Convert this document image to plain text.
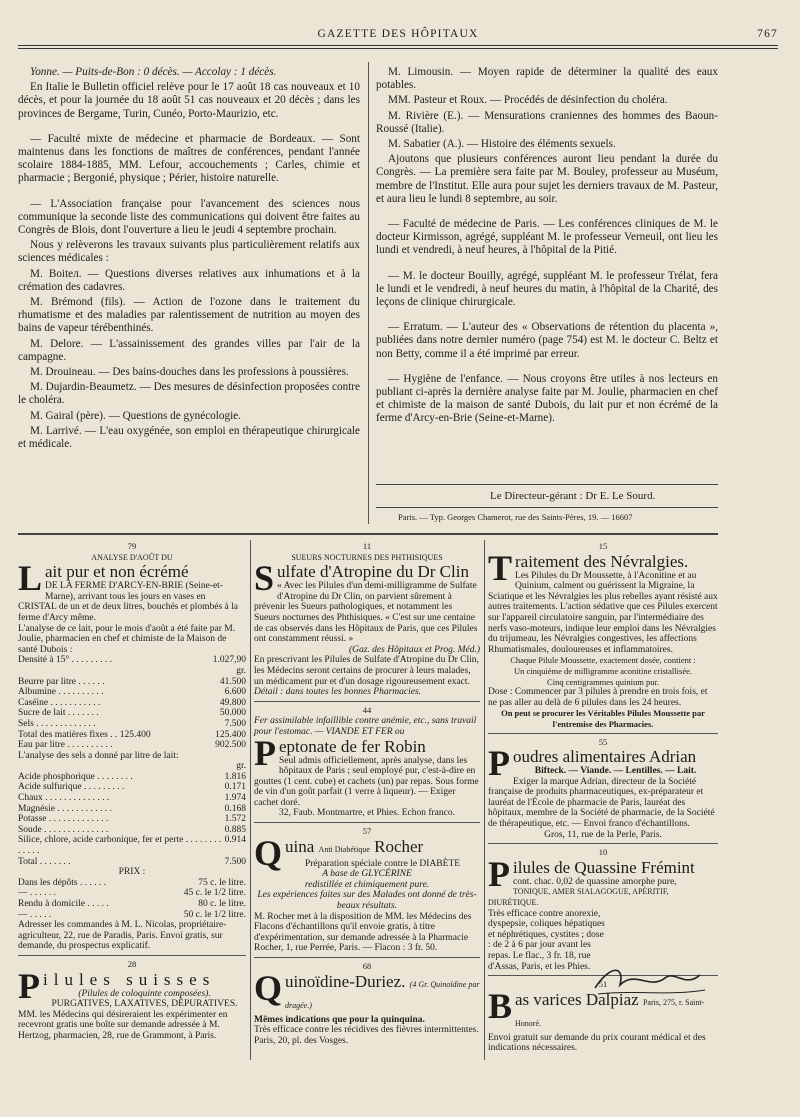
GAZETTE DES HÔPITAUX	767

Yonne. — Puits-de-Bon : 0 décès. — Accolay : 1 décès.

En Italie le Bulletin officiel relève pour le 17 août 18 cas nouveaux et 10 décès, et pour la journée du 18 août 51 cas nouveaux et 20 décès ; dans les provinces de Bergame, Turin, Cunéo, Porto-Maurizio, etc.

— Faculté mixte de médecine et pharmacie de Bordeaux. — Sont maintenus dans les fonctions de maîtres de conférences, pendant l'année scolaire 1884-1885, MM. Lefour, accouchements ; Carles, chimie et pharmacie ; Bergonié, physique ; Périer, histoire naturelle.

— L'Association française pour l'avancement des sciences nous communique la seconde liste des communications qui doivent être faites au Congrès de Blois, dont l'ouverture a lieu le jeudi 4 septembre prochain.

Nous y relèverons les travaux suivants plus particulièrement relatifs aux sciences médicales :

M. Boiteл. — Questions diverses relatives aux inhumations et à la crémation des cadavres.

M. Brémond (fils). — Action de l'ozone dans le traitement du rhumatisme et des maladies par ralentissement de nutrition au moyen des bains de vapeur térébenthinés.

M. Delore. — L'assainissement des grandes villes par l'air de la campagne.

M. Drouineau. — Des bains-douches dans les professions à poussières.

M. Dujardin-Beaumetz. — Des mesures de désinfection proposées contre le choléra.

M. Gairal (père). — Questions de gynécologie.

M. Larrivé. — L'eau oxygénée, son emploi en thérapeutique chirurgicale et médicale.

M. Limousin. — Moyen rapide de déterminer la qualité des eaux potables.

MM. Pasteur et Roux. — Procédés de désinfection du choléra.

M. Rivière (E.). — Mensurations craniennes des hommes des Baoun-Roussé (Italie).

M. Sabatier (A.). — Histoire des éléments sexuels.

Ajoutons que plusieurs conférences auront lieu pendant la durée du Congrès. — La première sera faite par M. Bouley, professeur au Muséum, membre de l'Institut. Elle aura pour sujet les derniers travaux de M. Pasteur, et aura lieu le lundi 8 septembre, au soir.

— Faculté de médecine de Paris. — Les conférences cliniques de M. le docteur Kirmisson, agrégé, suppléant M. le professeur Verneuil, ont lieu les lundi et vendredi, à neuf heures, à l'hôpital de la Pitié.

— M. le docteur Bouilly, agrégé, suppléant M. le professeur Trélat, fera le lundi et le vendredi, à neuf heures du matin, à l'hôpital de la Charité, des leçons de clinique chirurgicale.

— Erratum. — L'auteur des « Observations de rétention du placenta », publiées dans notre dernier numéro (page 754) est M. le docteur C. Beltz et non Betty, comme il a été imprimé par erreur.

— Hygiène de l'enfance. — Nous croyons être utiles à nos lecteurs en publiant ci-après la dernière analyse faite par M. Joulie, pharmacien en chef et chimiste de la maison de santé Dubois, du lait pur et non écrémé de la ferme d'Arcy-en-Brie (Seine-et-Marne).

Le Directeur-gérant : Dr E. Le Sourd.
Paris. — Typ. Georges Chamerot, rue des Saints-Pères, 19. — 16607
79
ANALYSE D'AOÛT DU
L ait pur et non écrémé
DE LA FERME D'ARCY-EN-BRIE (Seine-et-Marne), arrivant tous les jours en vases en CRISTAL de un et de deux litres, bouchés et plombés à la ferme d'Arcy même.
L'analyse de ce lait, pour le mois d'août a été faite par M. Joulie, pharmacien en chef et chimiste de la Maison de santé Dubois :
Densité à 15° . . . . . . . . .	1.027,90
gr.
Beurre par litre . . . . . .	41.500
Albumine . . . . . . . . . .	6.600
Caséine . . . . . . . . . . .	49.800
Sucre de lait . . . . . . .	50.000
Sels . . . . . . . . . . . . .	7.500
Total des matières fixes . . 125.400	125.400
Eau par litre . . . . . . . . . .	902.500
L'analyse des sels a donné par litre de lait:
gr.
Acide phosphorique . . . . . . . .	1.816
Acide sulfurique . . . . . . . . .	0.171
Chaux . . . . . . . . . . . . . .	1.974
Magnésie . . . . . . . . . . . .	0.168
Potasse . . . . . . . . . . . . .	1.572
Soude . . . . . . . . . . . . . .	0.885
Silice, chlore, acide carbonique, fer et perte . . . . . . . . . . . . .
0.914
Total . . . . . . .	7.500
PRIX :
Dans les dépôts . . . . . .	75 c. le litre.
— . . . . . .	45 c. le 1/2 litre.
Rendu à domicile . . . . .	80 c. le litre.
— . . . . .	50 c. le 1/2 litre.
Adresser les commandes à M. L. Nicolas, propriétaire-agriculteur, 22, rue de Paradis, Paris. Envoi gratis, sur demande, du prospectus explicatif.
28
P ilules suisses
(Pilules de coloquinte composées).
PURGATIVES, LAXATIVES, DÉPURATIVES.
MM. les Médecins qui désireraient les expérimenter en recevront gratis une boîte sur demande adressée à M. Hertzog, pharmacien, 28, rue de Grammont, à Paris.
11
SUEURS NOCTURNES DES PHTHISIQUES
S ulfate d'Atropine du Dr Clin
« Avec les Pilules d'un demi-milligramme de Sulfate d'Atropine du Dr Clin, on parvient sûrement à prévenir les Sueurs pathologiques, et notamment les Sueurs nocturnes des Phthisiques. « C'est sur une centaine de cas observés dans les Hôpitaux de Paris, que ces Pilules ont constamment réussi. »
(Gaz. des Hôpitaux et Prog. Méd.)
En prescrivant les Pilules de Sulfate d'Atropine du Dr Clin, les Médecins seront certains de procurer à leurs malades, un médicament pur et d'un dosage rigoureusement exact.
Détail : dans toutes les bonnes Pharmacies.
44
Fer assimilable infaillible contre anémie, etc., sans travail pour l'estomac. — VIANDE ET FER ou
P eptonate de fer Robin
Seul admis officiellement, après analyse, dans les hôpitaux de Paris ; seul employé pur, c'est-à-dire en gouttes (1 cent. cube) et cachets (un) par repas. Sous forme de vin d'un goût parfait (1 verre à liqueur). — Exiger cachet doré.
32, Faub. Montmartre, et Phies. Echon franco.
57
Q uina Anti Diabétique Rocher
Préparation spéciale contre le DIABÈTE
A base de GLYCÉRINE
redistillée et chimiquement pure.
Les expériences faites sur des Malades ont donné de très-beaux résultats.
M. Rocher met à la disposition de MM. les Médecins des Flacons d'échantillons qu'il envoie gratis, à titre d'expérimentation, sur demande adressée à la Pharmacie Rocher, 1, rue Perrée, Paris. — Flacon : 3 fr. 50.
68
Q uinoïdine-Duriez. (4 Gr. Quinoïdine par dragée.)
Mêmes indications que pour la quinquina.
Très efficace contre les récidives des fièvres intermittentes. Paris, 20, pl. des Vosges.
15
T raitement des Névralgies.
Les Pilules du Dr Moussette, à l'Aconitine et au Quinium, calment ou guérissent la Migraine, la Sciatique et les Névralgies les plus rebelles ayant résisté aux autres traitements. L'action sédative que ces Pilules exercent sur l'appareil circulatoire sanguin, par l'intermédiaire des nerfs vaso-moteurs, indique leur emploi dans les Névralgies du trijumeau, les Névralgies congestives, les affections Rhumatismales, douloureuses et inflammatoires.
Chaque Pilule Moussette, exactement dosée, contient :
Un cinquième de milligramme aconitine cristallisée.
Cinq centigrammes quinium pur.
Dose : Commencer par 3 pilules à prendre en trois fois, et ne pas aller au delà de 6 pilules dans les 24 heures.
On peut se procurer les Véritables Pilules Moussette par l'entremise des Pharmacies.
55
P oudres alimentaires Adrian
Bifteck. — Viande. — Lentilles. — Lait.
Exiger la marque Adrian, directeur de la Société française de produits pharmaceutiques, ex-préparateur et lauréat de l'École de pharmacie de Paris, lauréat des hôpitaux, membre de la Société de pharmacie, de la Société de thérapeutique, etc. — Envoi franco d'échantillons.
Gros, 11, rue de la Perle, Paris.
10
P ilules de Quassine Frémint
cont. chac. 0,02 de quassine amorphe pure,
TONIQUE, AMER SIALAGOGUE, APÉRITIF, DIURÉTIQUE.
Très efficace contre anorexie, dyspepsie, coliques hépatiques et néphrétiques, cystites ; dose : de 2 à 6 par jour avant les repas. Le flac., 3 fr. 18, rue d'Assas, Paris, et les Phies.
51
B as varices Dalpiaz Paris, 275, r. Saint-Honoré.
Envoi gratuit sur demande du prix courant médical et des indications nécessaires.
